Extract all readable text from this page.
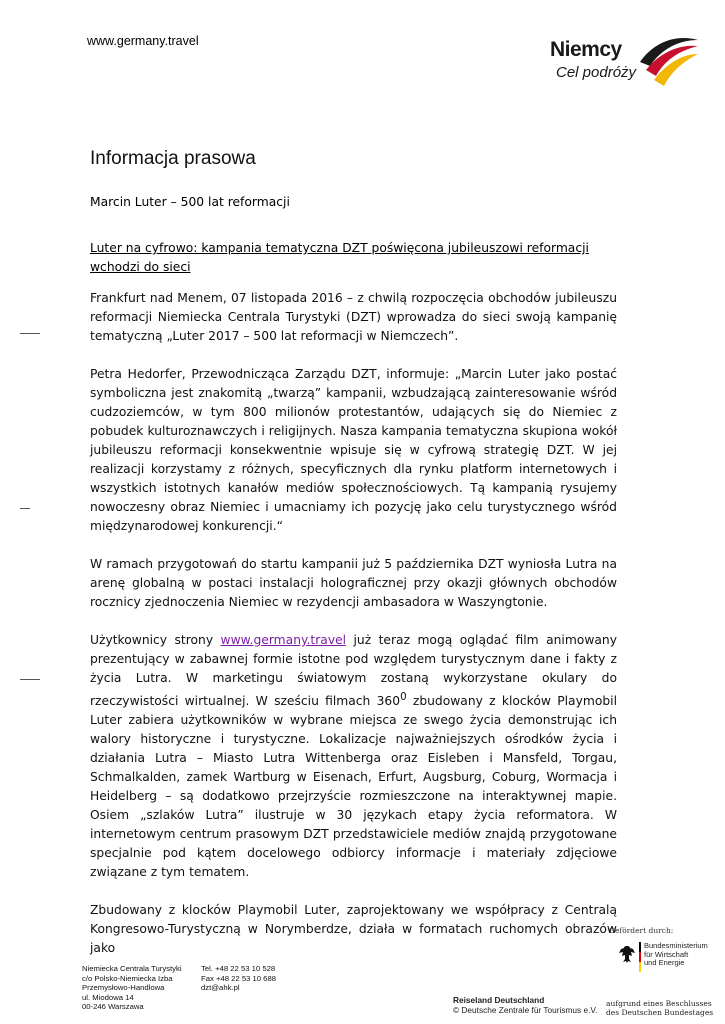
www.germany.travel	Niemcy
Cel podróży
Informacja prasowa
Marcin Luter – 500 lat reformacji
Luter na cyfrowo: kampania tematyczna DZT poświęcona jubileuszowi reformacji wchodzi do sieci

Frankfurt nad Menem, 07 listopada 2016 – z chwilą rozpoczęcia obchodów jubileuszu reformacji Niemiecka Centrala Turystyki (DZT) wprowadza do sieci swoją kampanię tematyczną „Luter 2017 – 500 lat reformacji w Niemczech”.

Petra Hedorfer, Przewodnicząca Zarządu DZT, informuje: „Marcin Luter jako postać symboliczna jest znakomitą „twarzą” kampanii, wzbudzającą zainteresowanie wśród cudzoziemców, w tym 800 milionów protestantów, udających się do Niemiec z pobudek kulturoznawczych i religijnych. Nasza kampania tematyczna skupiona wokół jubileuszu reformacji konsekwentnie wpisuje się w cyfrową strategię DZT. W jej realizacji korzystamy z różnych, specyficznych dla rynku platform internetowych i wszystkich istotnych kanałów mediów społecznościowych. Tą kampanią rysujemy nowoczesny obraz Niemiec i umacniamy ich pozycję jako celu turystycznego wśród międzynarodowej konkurencji.“

W ramach przygotowań do startu kampanii już 5 października DZT wyniosła Lutra na arenę globalną w postaci instalacji holograficznej przy okazji głównych obchodów rocznicy zjednoczenia Niemiec w rezydencji ambasadora w Waszyngtonie.

Użytkownicy strony www.germany.travel już teraz mogą oglądać film animowany prezentujący w zabawnej formie istotne pod względem turystycznym dane i fakty z życia Lutra. W marketingu światowym zostaną wykorzystane okulary do rzeczywistości wirtualnej. W sześciu filmach $360^0$ zbudowany z klocków Playmobil Luter zabiera użytkowników w wybrane miejsca ze swego życia demonstrując ich walory historyczne i turystyczne. Lokalizacje najważniejszych ośrodków życia i działania Lutra – Miasto Lutra Wittenberga oraz Eisleben i Mansfeld, Torgau, Schmalkalden, zamek Wartburg w Eisenach, Erfurt, Augsburg, Coburg, Wormacja i Heidelberg – są dodatkowo przejrzyście rozmieszczone na interaktywnej mapie. Osiem „szlaków Lutra” ilustruje w 30 językach etapy życia reformatora. W internetowym centrum prasowym DZT przedstawiciele mediów znajdą przygotowane specjalnie pod kątem docelowego odbiorcy informacje i materiały zdjęciowe związane z tym tematem.

Zbudowany z klocków Playmobil Luter, zaprojektowany we współpracy z Centralą Kongresowo-Turystyczną w Norymberdze, działa w formatach ruchomych obrazów jako

Gefördert durch:
Bundesministerium
für Wirtschaft
und Energie
aufgrund eines Beschlusses
des Deutschen Bundestages
Reiseland Deutschland
© Deutsche Zentrale für Tourismus e.V.
Niemiecka Centrala Turystyki
c/o Polsko-Niemiecka Izba
Przemysłowo-Handlowa
ul. Miodowa 14
00-246 Warszawa
Tel. +48 22 53 10 528
Fax +48 22 53 10 688
dzt@ahk.pl
